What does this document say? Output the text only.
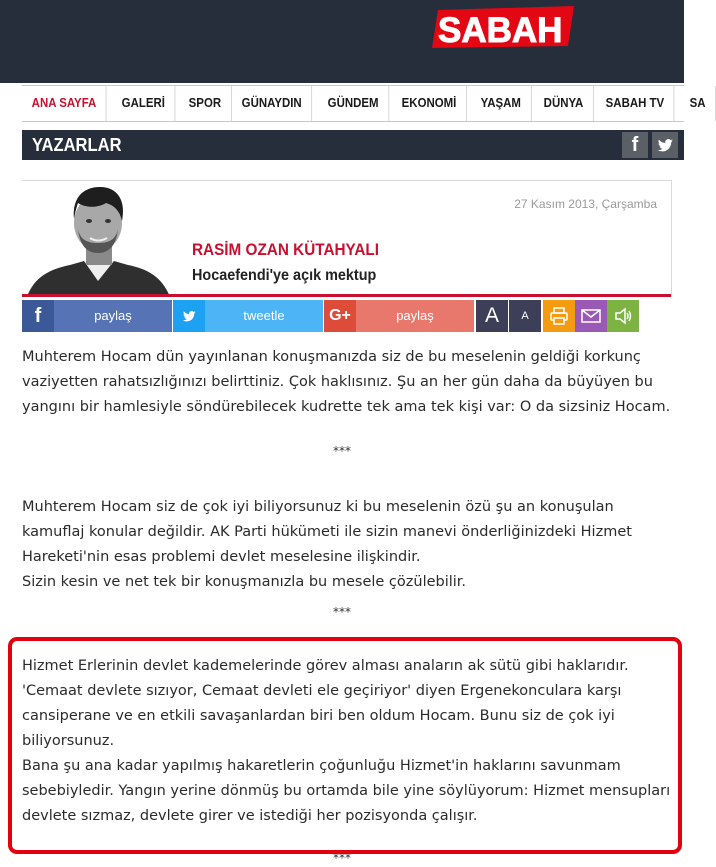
SABAH
ANA SAYFA	GALERİ	SPOR	GÜNAYDIN	GÜNDEM	EKONOMİ	YAŞAM	DÜNYA	SABAH TV	SA
YAZARLAR	f
27 Kasım 2013, Çarşamba
RASİM OZAN KÜTAHYALI
Hocaefendi'ye açık mektup
f	paylaş	tweetle	G+	paylaş	A	A
Muhterem Hocam dün yayınlanan konuşmanızda siz de bu meselenin geldiği korkunç
vaziyetten rahatsızlığınızı belirttiniz. Çok haklısınız. Şu an her gün daha da büyüyen bu
yangını bir hamlesiyle söndürebilecek kudrette tek ama tek kişi var: O da sizsiniz Hocam.
***
Muhterem Hocam siz de çok iyi biliyorsunuz ki bu meselenin özü şu an konuşulan
kamuflaj konular değildir. AK Parti hükümeti ile sizin manevi önderliğinizdeki Hizmet
Hareketi'nin esas problemi devlet meselesine ilişkindir.
Sizin kesin ve net tek bir konuşmanızla bu mesele çözülebilir.
***
Hizmet Erlerinin devlet kademelerinde görev alması anaların ak sütü gibi haklarıdır.
'Cemaat devlete sızıyor, Cemaat devleti ele geçiriyor' diyen Ergenekonculara karşı
cansiperane ve en etkili savaşanlardan biri ben oldum Hocam. Bunu siz de çok iyi
biliyorsunuz.
Bana şu ana kadar yapılmış hakaretlerin çoğunluğu Hizmet'in haklarını savunmam
sebebiyledir. Yangın yerine dönmüş bu ortamda bile yine söylüyorum: Hizmet mensupları
devlete sızmaz, devlete girer ve istediği her pozisyonda çalışır.
***
